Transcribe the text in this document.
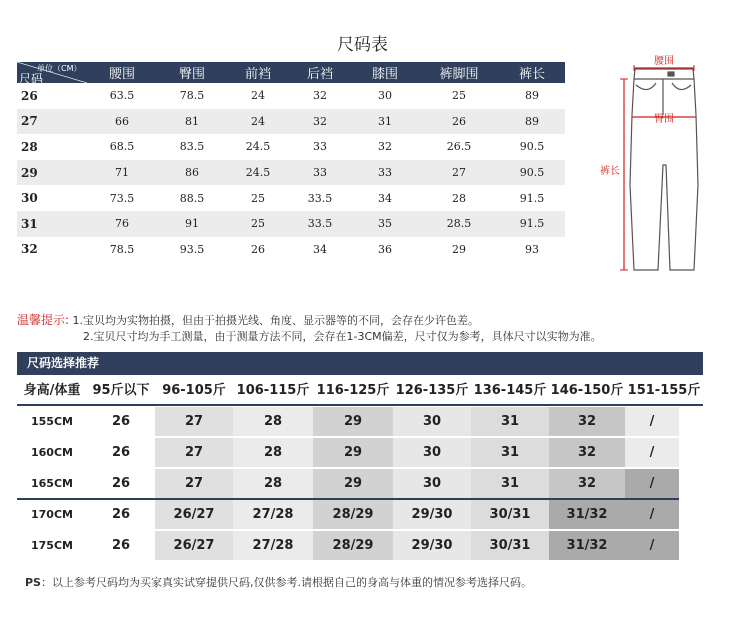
尺码表
单位（CM）
尺码	腰围	臀围	前裆	后裆	膝围	裤脚围	裤长
26	63.5	78.5	24	32	30	25	89
27	66	81	24	32	31	26	89
28	68.5	83.5	24.5	33	32	26.5	90.5
29	71	86	24.5	33	33	27	90.5
30	73.5	88.5	25	33.5	34	28	91.5
31	76	91	25	33.5	35	28.5	91.5
32	78.5	93.5	26	34	36	29	93
腰围
臀围
裤长
温馨提示: 1.宝贝均为实物拍摄，但由于拍摄光线、角度、显示器等的不同，会存在少许色差。
2.宝贝尺寸均为手工测量，由于测量方法不同，会存在1-3CM偏差，尺寸仅为参考，具体尺寸以实物为准。
尺码选择推荐
身高/体重 95斤以下 96-105斤 106-115斤 116-125斤 126-135斤 136-145斤 146-150斤 151-155斤
155CM	26	27	28	29	30	31	32	/
160CM	26	27	28	29	30	31	32	/
165CM	26	27	28	29	30	31	32	/
170CM	26	26/27	27/28	28/29	29/30	30/31	31/32	/
175CM	26	26/27	27/28	28/29	29/30	30/31	31/32	/
PS：以上参考尺码均为买家真实试穿提供尺码,仅供参考.请根据自己的身高与体重的情况参考选择尺码。
